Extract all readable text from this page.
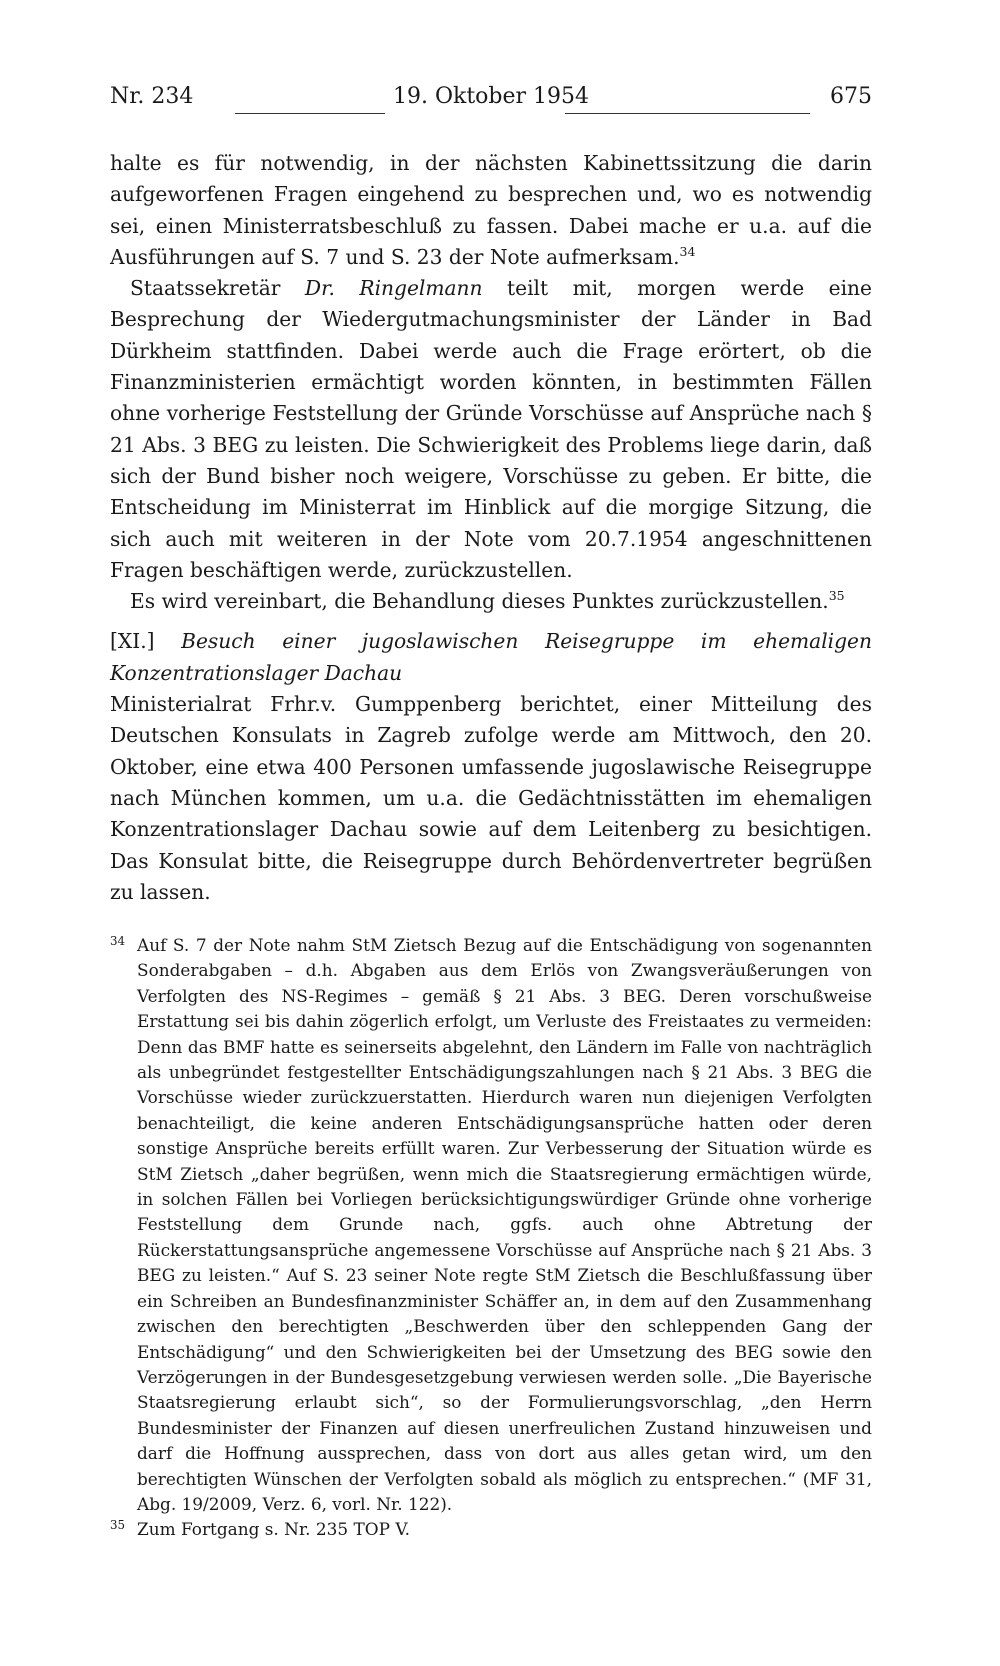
Nr. 234	19. Oktober 1954	675

halte es für notwendig, in der nächsten Kabinettssitzung die darin aufgeworfenen Fragen eingehend zu besprechen und, wo es notwendig sei, einen Ministerratsbeschluß zu fassen. Dabei mache er u.a. auf die Ausführungen auf S. 7 und S. 23 der Note aufmerksam.$^{34}$

Staatssekretär Dr. Ringelmann teilt mit, morgen werde eine Besprechung der Wiedergutmachungsminister der Länder in Bad Dürkheim stattfinden. Dabei werde auch die Frage erörtert, ob die Finanzministerien ermächtigt worden könnten, in bestimmten Fällen ohne vorherige Feststellung der Gründe Vorschüsse auf Ansprüche nach § 21 Abs. 3 BEG zu leisten. Die Schwierigkeit des Problems liege darin, daß sich der Bund bisher noch weigere, Vorschüsse zu geben. Er bitte, die Entscheidung im Ministerrat im Hinblick auf die morgige Sitzung, die sich auch mit weiteren in der Note vom 20.7.1954 angeschnittenen Fragen beschäftigen werde, zurückzustellen.

Es wird vereinbart, die Behandlung dieses Punktes zurückzustellen.$^{35}$

[XI.] Besuch einer jugoslawischen Reisegruppe im ehemaligen Konzentrationslager Dachau

Ministerialrat Frhr.v. Gumppenberg berichtet, einer Mitteilung des Deutschen Konsulats in Zagreb zufolge werde am Mittwoch, den 20. Oktober, eine etwa 400 Personen umfassende jugoslawische Reisegruppe nach München kommen, um u.a. die Gedächtnisstätten im ehemaligen Konzentrationslager Dachau sowie auf dem Leitenberg zu besichtigen. Das Konsulat bitte, die Reisegruppe durch Behördenvertreter begrüßen zu lassen.

34 Auf S. 7 der Note nahm StM Zietsch Bezug auf die Entschädigung von sogenannten Sonderabgaben – d.h. Abgaben aus dem Erlös von Zwangsveräußerungen von Verfolgten des NS-Regimes – gemäß § 21 Abs. 3 BEG. Deren vorschußweise Erstattung sei bis dahin zögerlich erfolgt, um Verluste des Freistaates zu vermeiden: Denn das BMF hatte es seinerseits abgelehnt, den Ländern im Falle von nachträglich als unbegründet festgestellter Entschädigungszahlungen nach § 21 Abs. 3 BEG die Vorschüsse wieder zurückzuerstatten. Hierdurch waren nun diejenigen Verfolgten benachteiligt, die keine anderen Entschädigungsansprüche hatten oder deren sonstige Ansprüche bereits erfüllt waren. Zur Verbesserung der Situation würde es StM Zietsch „daher begrüßen, wenn mich die Staatsregierung ermächtigen würde, in solchen Fällen bei Vorliegen berücksichtigungswürdiger Gründe ohne vorherige Feststellung dem Grunde nach, ggfs. auch ohne Abtretung der Rückerstattungsansprüche angemessene Vorschüsse auf Ansprüche nach § 21 Abs. 3 BEG zu leisten.“ Auf S. 23 seiner Note regte StM Zietsch die Beschlußfassung über ein Schreiben an Bundesfinanzminister Schäffer an, in dem auf den Zusammenhang zwischen den berechtigten „Beschwerden über den schleppenden Gang der Entschädigung“ und den Schwierigkeiten bei der Umsetzung des BEG sowie den Verzögerungen in der Bundesgesetzgebung verwiesen werden solle. „Die Bayerische Staatsregierung erlaubt sich“, so der Formulierungsvorschlag, „den Herrn Bundesminister der Finanzen auf diesen unerfreulichen Zustand hinzuweisen und darf die Hoffnung aussprechen, dass von dort aus alles getan wird, um den berechtigten Wünschen der Verfolgten sobald als möglich zu entsprechen.“ (MF 31, Abg. 19/2009, Verz. 6, vorl. Nr. 122).

35 Zum Fortgang s. Nr. 235 TOP V.
